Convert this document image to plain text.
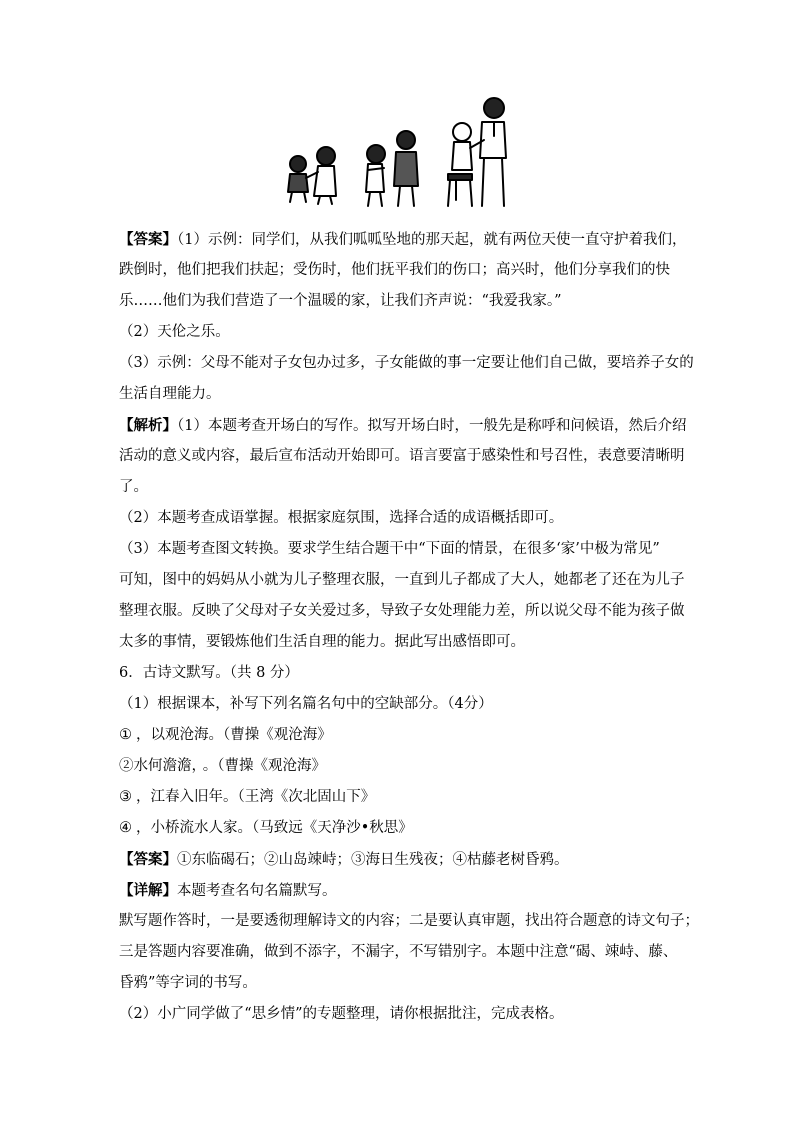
【答案】（1）示例：同学们，从我们呱呱坠地的那天起，就有两位天使一直守护着我们，
跌倒时，他们把我们扶起；受伤时，他们抚平我们的伤口；高兴时，他们分享我们的快
乐……他们为我们营造了一个温暖的家，让我们齐声说：“我爱我家。”
（2）天伦之乐。
（3）示例：父母不能对子女包办过多，子女能做的事一定要让他们自己做，要培养子女的
生活自理能力。
【解析】（1）本题考查开场白的写作。拟写开场白时，一般先是称呼和问候语，然后介绍
活动的意义或内容，最后宣布活动开始即可。语言要富于感染性和号召性，表意要清晰明
了。
（2）本题考查成语掌握。根据家庭氛围，选择合适的成语概括即可。
（3）本题考查图文转换。要求学生结合题干中“下面的情景，在很多‘家’中极为常见”
可知，图中的妈妈从小就为儿子整理衣服，一直到儿子都成了大人，她都老了还在为儿子
整理衣服。反映了父母对子女关爱过多，导致子女处理能力差，所以说父母不能为孩子做
太多的事情，要锻炼他们生活自理的能力。据此写出感悟即可。
6．古诗文默写。（共 8 分）
（1）根据课本，补写下列名篇名句中的空缺部分。（4分）
① ，以观沧海。（曹操《观沧海》
②水何澹澹， 。（曹操《观沧海》
③ ，江春入旧年。（王湾《次北固山下》
④ ，小桥流水人家。（马致远《天净沙•秋思》
【答案】①东临碣石；②山岛竦峙；③海日生残夜；④枯藤老树昏鸦。
【详解】本题考查名句名篇默写。
默写题作答时，一是要透彻理解诗文的内容；二是要认真审题，找出符合题意的诗文句子；
三是答题内容要准确，做到不添字，不漏字，不写错别字。本题中注意“碣、竦峙、藤、
昏鸦”等字词的书写。
（2）小广同学做了“思乡情”的专题整理，请你根据批注，完成表格。
